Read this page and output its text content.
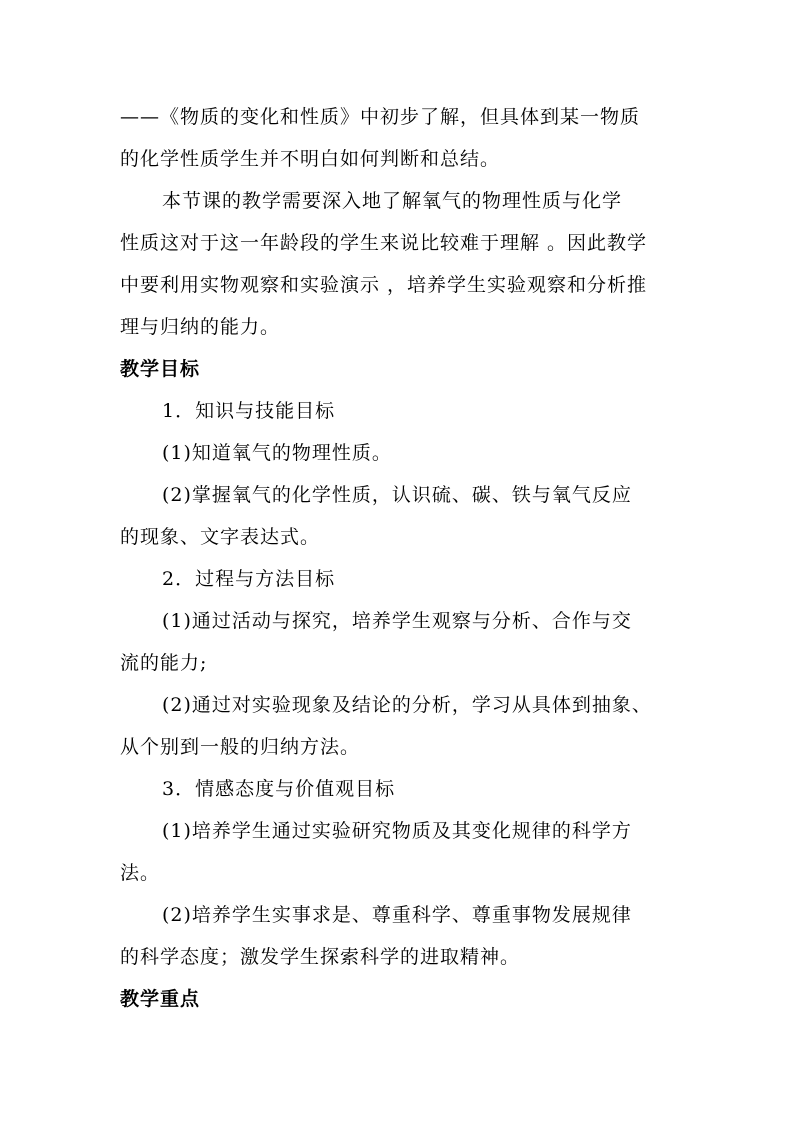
——《物质的变化和性质》中初步了解，但具体到某一物质
的化学性质学生并不明白如何判断和总结。
本节课的教学需要深入地了解氧气的物理性质与化学
性质这对于这一年龄段的学生来说比较难于理解 。因此教学
中要利用实物观察和实验演示 ，培养学生实验观察和分析推
理与归纳的能力。
教学目标
1．知识与技能目标
(1)知道氧气的物理性质。
(2)掌握氧气的化学性质，认识硫、碳、铁与氧气反应
的现象、文字表达式。
2．过程与方法目标
(1)通过活动与探究，培养学生观察与分析、合作与交
流的能力;
(2)通过对实验现象及结论的分析，学习从具体到抽象、
从个别到一般的归纳方法。
3．情感态度与价值观目标
(1)培养学生通过实验研究物质及其变化规律的科学方
法。
(2)培养学生实事求是、尊重科学、尊重事物发展规律
的科学态度；激发学生探索科学的进取精神。
教学重点
